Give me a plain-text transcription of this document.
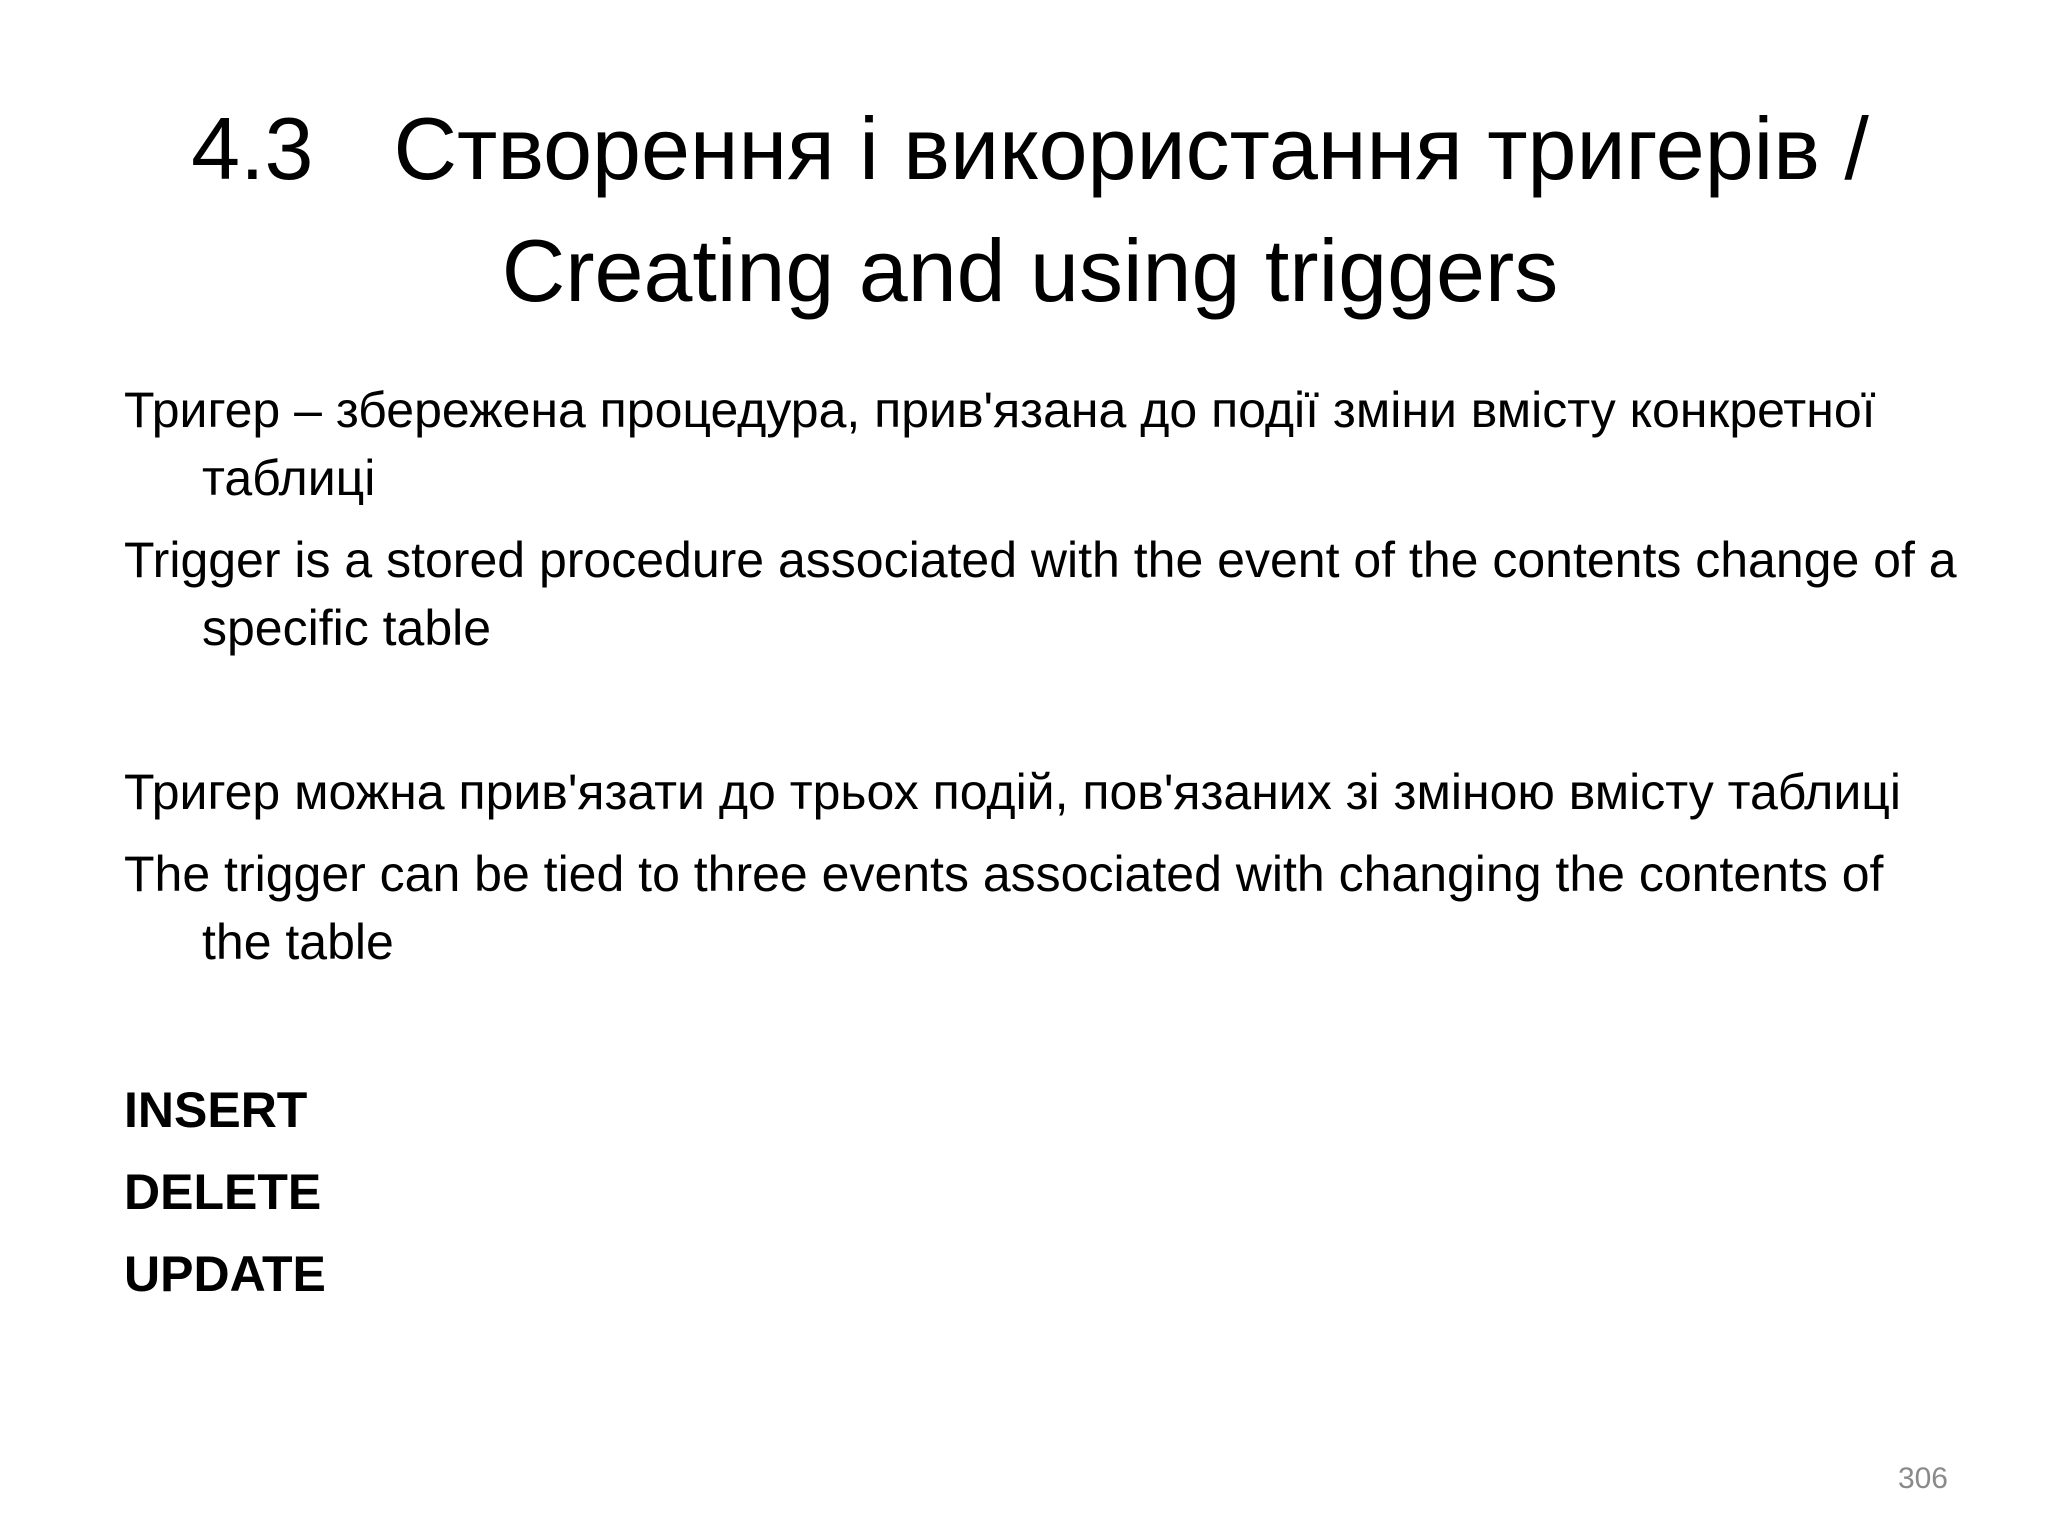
4.3 Створення і використання тригерів /
Creating and using triggers

Тригер – збережена процедура, прив'язана до події зміни вмісту конкретної таблиці

Trigger is a stored procedure associated with the event of the contents change of a specific table

Тригер можна прив'язати до трьох подій, пов'язаних зі зміною вмісту таблиці

The trigger can be tied to three events associated with changing the contents of the table

INSERT

DELETE

UPDATE

306
